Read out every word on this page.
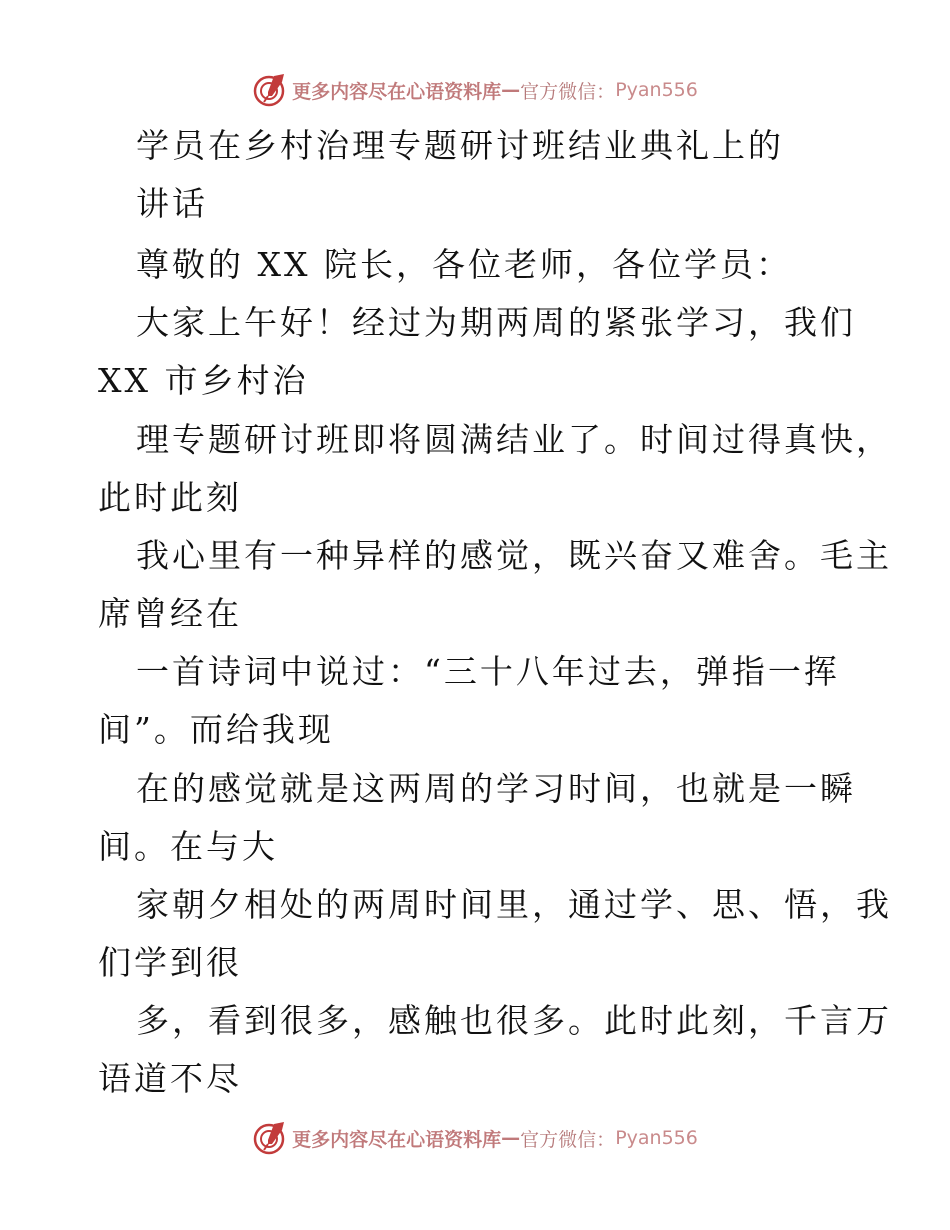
更多内容尽在心语资料库 — 官方微信： Pyan556
学员在乡村治理专题研讨班结业典礼上的
讲话
尊敬的 XX 院长，各位老师，各位学员：
大家上午好！经过为期两周的紧张学习，我们
XX 市乡村治
理专题研讨班即将圆满结业了。时间过得真快，
此时此刻
我心里有一种异样的感觉，既兴奋又难舍。毛主
席曾经在
一首诗词中说过：“三十八年过去，弹指一挥
间”。而给我现
在的感觉就是这两周的学习时间，也就是一瞬
间。在与大
家朝夕相处的两周时间里，通过学、思、悟，我
们学到很
多，看到很多，感触也很多。此时此刻，千言万
语道不尽
更多内容尽在心语资料库 — 官方微信： Pyan556
